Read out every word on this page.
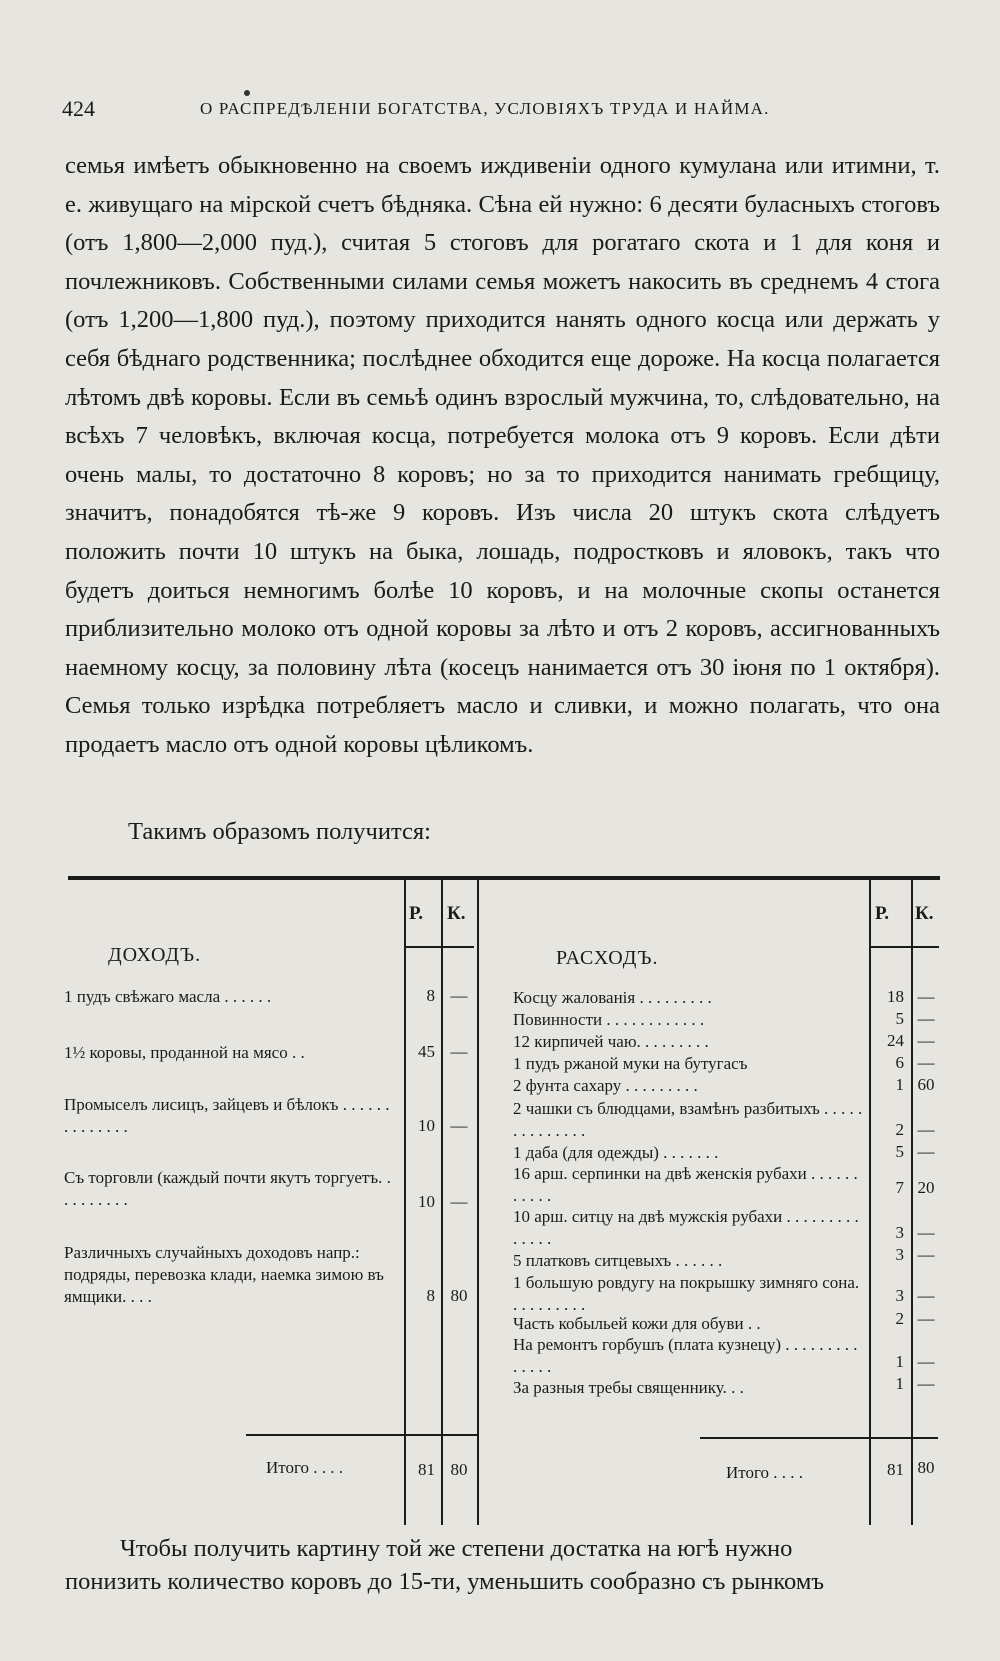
424	О РАСПРЕДѢЛЕНІИ БОГАТСТВА, УСЛОВІЯХЪ ТРУДА И НАЙМА.

семья имѣетъ обыкновенно на своемъ иждивеніи одного кумулана или итимни, т. е. живущаго на мірской счетъ бѣдняка. Сѣна ей нужно: 6 десяти буласныхъ стоговъ (отъ 1,800—2,000 пуд.), считая 5 стоговъ для рогатаго скота и 1 для коня и почлежниковъ. Собственными силами семья можетъ накосить въ среднемъ 4 стога (отъ 1,200—1,800 пуд.), поэтому приходится нанять одного косца или держать у себя бѣднаго родственника; послѣднее обходится еще дороже. На косца полагается лѣтомъ двѣ коровы. Если въ семьѣ одинъ взрослый мужчина, то, слѣдовательно, на всѣхъ 7 человѣкъ, включая косца, потребуется молока отъ 9 коровъ. Если дѣти очень малы, то достаточно 8 коровъ; но за то приходится нанимать гребщицу, значитъ, понадобятся тѣ-же 9 коровъ. Изъ числа 20 штукъ скота слѣдуетъ положить почти 10 штукъ на быка, лошадь, подростковъ и яловокъ, такъ что будетъ доиться немногимъ болѣе 10 коровъ, и на молочные скопы останется приблизительно молоко отъ одной коровы за лѣто и отъ 2 коровъ, ассигнованныхъ наемному косцу, за половину лѣта (косецъ нанимается отъ 30 іюня по 1 октября). Семья только изрѣдка потребляетъ масло и сливки, и можно полагать, что она продаетъ масло отъ одной коровы цѣликомъ.

Такимъ образомъ получится:
Р. К.	Р. К.
ДОХОДЪ.	РАСХОДЪ.
1 пудъ свѣжаго масла . . . . . .	8 —
1½ коровы, проданной на мясо . .	45 —
Промыселъ лисицъ, зайцевъ и бѣлокъ . . . . . . . . . . . . . .	10 —
Съ торговли (каждый почти якутъ торгуетъ. . . . . . . . . .	10 —
Различныхъ случайныхъ доходовъ напр.: подряды, перевозка клади, наемка зимою въ ямщики. . . .	8 80
Косцу жалованія . . . . . . . . .	18 —
Повинности . . . . . . . . . . . .	5 —
12 кирпичей чаю. . . . . . . . .	24 —
1 пудъ ржаной муки на бутугасъ	6 —
2 фунта сахару . . . . . . . . .	1 60
2 чашки съ блюдцами, взамѣнъ разбитыхъ . . . . . . . . . . . . . .	2 —
1 даба (для одежды) . . . . . . .	5 —
16 арш. серпинки на двѣ женскія рубахи . . . . . . . . . . .	7 20
10 арш. ситцу на двѣ мужскія рубахи . . . . . . . . . . . . . .	3 —
5 платковъ ситцевыхъ . . . . . .	3 —
1 большую ровдугу на покрышку зимняго сона. . . . . . . . . .	3 —
Часть кобыльей кожи для обуви . .	2 —
На ремонтъ горбушъ (плата кузнецу) . . . . . . . . . . . . . .	1 —
За разныя требы священнику. . .	1 —
Итого . . . .	81 80	Итого . . . .	81 80
Чтобы получить картину той же степени достатка на югѣ нужно
понизить количество коровъ до 15-ти, уменьшить сообразно съ рынкомъ
